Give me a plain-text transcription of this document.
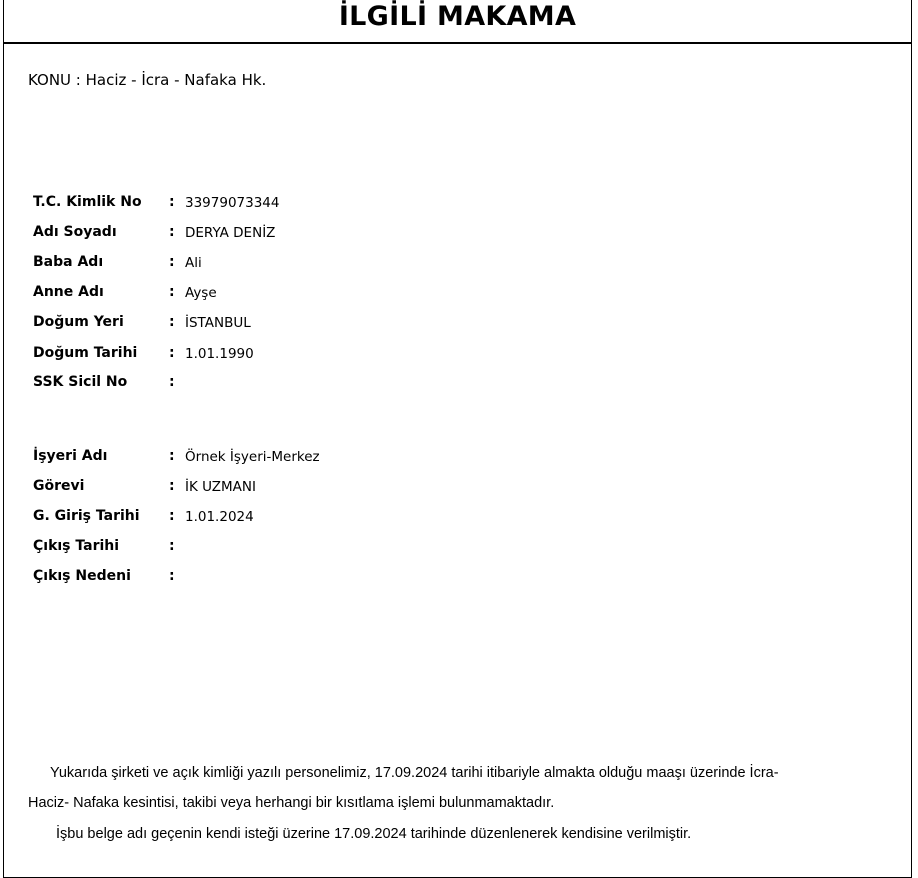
İLGİLİ MAKAMA
KONU : Haciz - İcra - Nafaka Hk.
T.C. Kimlik No : 33979073344
Adı Soyadı	: DERYA DENİZ
Baba Adı	: Ali
Anne Adı	: Ayşe
Doğum Yeri	: İSTANBUL
Doğum Tarihi : 1.01.1990
SSK Sicil No	:
İşyeri Adı	: Örnek İşyeri-Merkez
Görevi	: İK UZMANI
G. Giriş Tarihi : 1.01.2024
Çıkış Tarihi	:
Çıkış Nedeni	:
Yukarıda şirketi ve açık kimliği yazılı personelimiz, 17.09.2024 tarihi itibariyle almakta olduğu maaşı üzerinde İcra-
Haciz- Nafaka kesintisi, takibi veya herhangi bir kısıtlama işlemi bulunmamaktadır.
İşbu belge adı geçenin kendi isteği üzerine 17.09.2024 tarihinde düzenlenerek kendisine verilmiştir.
